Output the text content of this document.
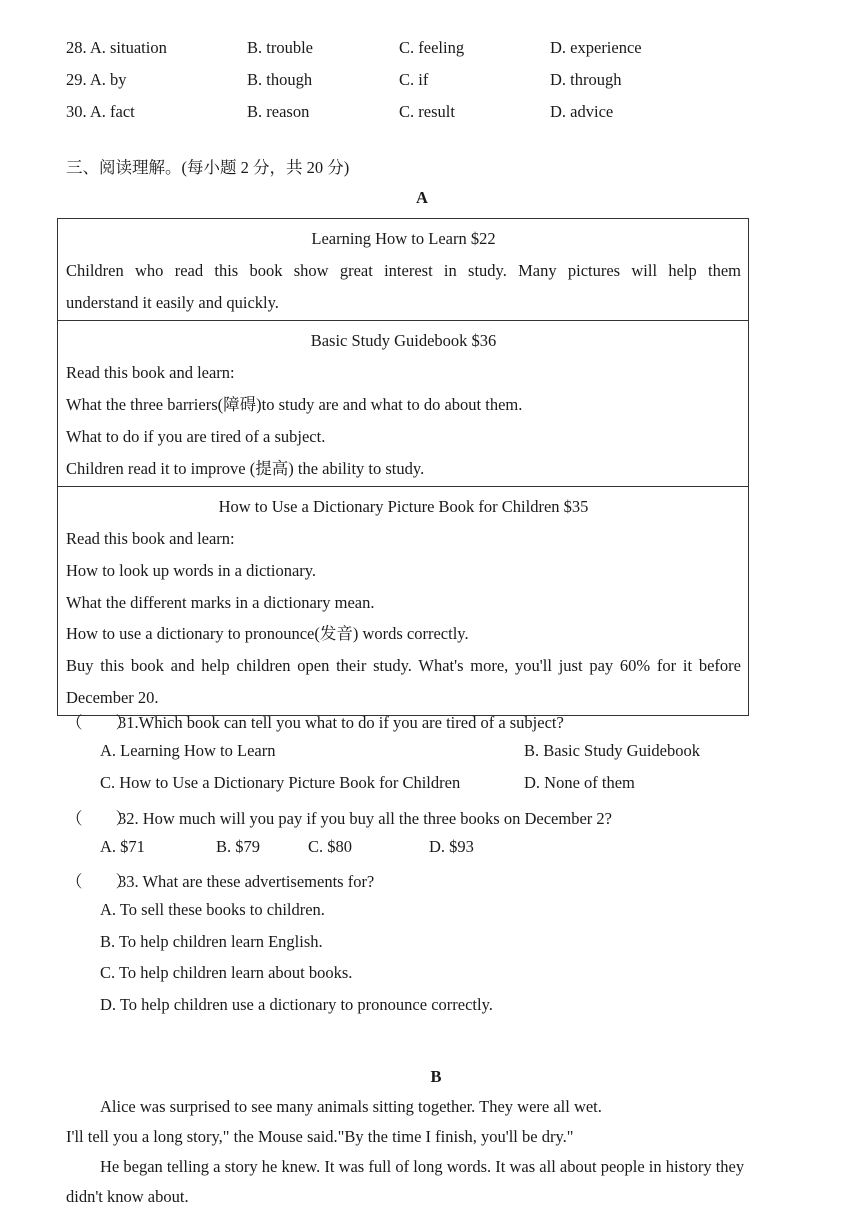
28. A. situation	B. trouble	C. feeling	D. experience
29. A. by	B. though	C. if	D. through
30. A. fact	B. reason	C. result	D. advice
三、阅读理解。(每小题 2 分，共 20 分)
A
Learning How to Learn $22
Children who read this book show great interest in study. Many pictures will help them
understand it easily and quickly.

Basic Study Guidebook $36
Read this book and learn:
What the three barriers(障碍)to study are and what to do about them.
What to do if you are tired of a subject.
Children read it to improve (提高) the ability to study.

How to Use a Dictionary Picture Book for Children $35
Read this book and learn:
How to look up words in a dictionary.
What the different marks in a dictionary mean.
How to use a dictionary to pronounce(发音) words correctly.
Buy this book and help children open their study. What's more, you'll just pay 60% for it before
December 20.
（　　）31.Which book can tell you what to do if you are tired of a subject?
A. Learning How to Learn	B. Basic Study Guidebook
C. How to Use a Dictionary Picture Book for Children	D. None of them
（　　）32. How much will you pay if you buy all the three books on December 2?
A. $71	B. $79	C. $80	D. $93
（　　）33. What are these advertisements for?
A. To sell these books to children.
B. To help children learn English.
C. To help children learn about books.
D. To help children use a dictionary to pronounce correctly.
B
Alice was surprised to see many animals sitting together. They were all wet.
I'll tell you a long story," the Mouse said."By the time I finish, you'll be dry."
He began telling a story he knew. It was full of long words. It was all about people in history they didn't know about.
